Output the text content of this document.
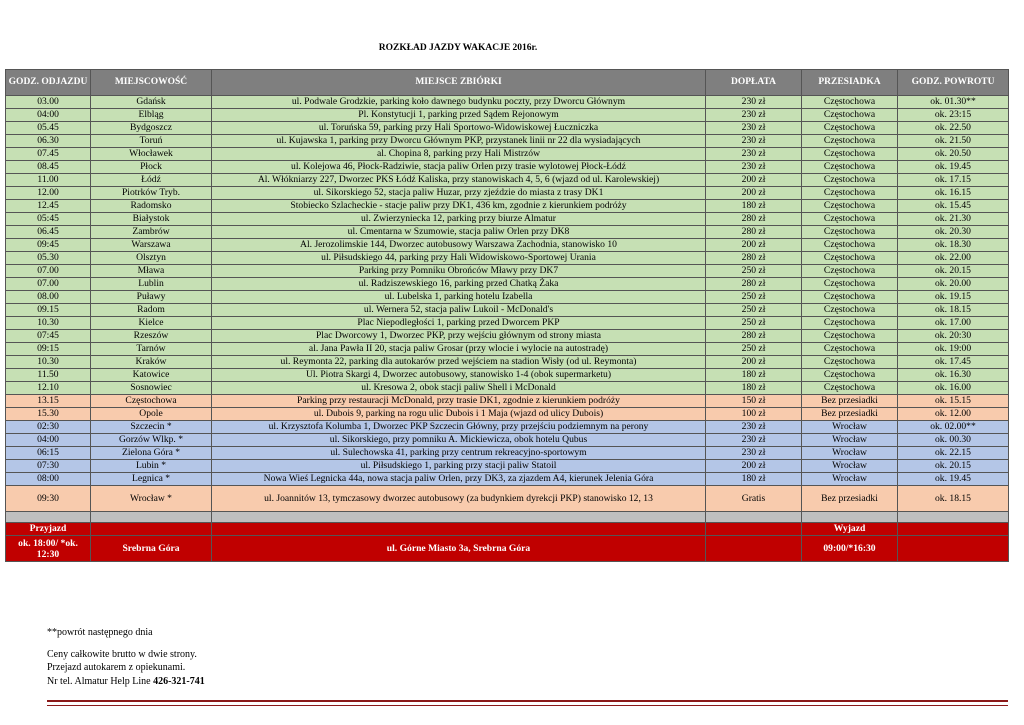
ROZKŁAD JAZDY WAKACJE 2016r.
GODZ. ODJAZDU	MIEJSCOWOŚĆ	MIEJSCE ZBIÓRKI	DOPŁATA	PRZESIADKA	GODZ. POWROTU
03.00	Gdańsk	ul. Podwale Grodzkie, parking koło dawnego budynku poczty, przy Dworcu Głównym	230 zł	Częstochowa	ok. 01.30**
04:00	Elbląg	Pl. Konstytucji 1, parking przed Sądem Rejonowym	230 zł	Częstochowa	ok. 23:15
05.45	Bydgoszcz	ul. Toruńska 59, parking przy Hali Sportowo-Widowiskowej Łuczniczka	230 zł	Częstochowa	ok. 22.50
06.30	Toruń	ul. Kujawska 1, parking przy Dworcu Głównym PKP, przystanek linii nr 22 dla wysiadających	230 zł	Częstochowa	ok. 21.50
07.45	Włocławek	al. Chopina 8, parking przy Hali Mistrzów	230 zł	Częstochowa	ok. 20.50
08.45	Płock	ul. Kolejowa 46, Płock-Radziwie, stacja paliw Orlen przy trasie wylotowej Płock-Łódź	230 zł	Częstochowa	ok. 19.45
11.00	Łódź	Al. Włókniarzy 227, Dworzec PKS Łódź Kaliska, przy stanowiskach 4, 5, 6 (wjazd od ul. Karolewskiej)	200 zł	Częstochowa	ok. 17.15
12.00	Piotrków Tryb.	ul. Sikorskiego 52, stacja paliw Huzar, przy zjeździe do miasta z trasy DK1	200 zł	Częstochowa	ok. 16.15
12.45	Radomsko	Stobiecko Szlacheckie - stacje paliw przy DK1, 436 km, zgodnie z kierunkiem podróży	180 zł	Częstochowa	ok. 15.45
05:45	Białystok	ul. Zwierzyniecka 12, parking przy biurze Almatur	280 zł	Częstochowa	ok. 21.30
06.45	Zambrów	ul. Cmentarna w Szumowie, stacja paliw Orlen przy DK8	280 zł	Częstochowa	ok. 20.30
09:45	Warszawa	Al. Jerozolimskie 144, Dworzec autobusowy Warszawa Zachodnia, stanowisko 10	200 zł	Częstochowa	ok. 18.30
05.30	Olsztyn	ul. Piłsudskiego 44, parking przy Hali Widowiskowo-Sportowej Urania	280 zł	Częstochowa	ok. 22.00
07.00	Mława	Parking przy Pomniku Obrońców Mławy przy DK7	250 zł	Częstochowa	ok. 20.15
07.00	Lublin	ul. Radziszewskiego 16, parking przed Chatką Żaka	280 zł	Częstochowa	ok. 20.00
08.00	Puławy	ul. Lubelska 1, parking hotelu Izabella	250 zł	Częstochowa	ok. 19.15
09.15	Radom	ul. Wernera 52, stacja paliw Lukoil - McDonald's	250 zł	Częstochowa	ok. 18.15
10.30	Kielce	Plac Niepodległości 1, parking przed Dworcem PKP	250 zł	Częstochowa	ok. 17.00
07:45	Rzeszów	Plac Dworcowy 1, Dworzec PKP, przy wejściu głównym od strony miasta	280 zł	Częstochowa	ok. 20:30
09:15	Tarnów	al. Jana Pawła II 20, stacja paliw Grosar (przy wlocie i wylocie na autostradę)	250 zł	Częstochowa	ok. 19:00
10.30	Kraków	ul. Reymonta 22, parking dla autokarów przed wejściem na stadion Wisły (od ul. Reymonta)	200 zł	Częstochowa	ok. 17.45
11.50	Katowice	Ul. Piotra Skargi 4, Dworzec autobusowy, stanowisko 1-4 (obok supermarketu)	180 zł	Częstochowa	ok. 16.30
12.10	Sosnowiec	ul. Kresowa 2, obok stacji paliw Shell i McDonald	180 zł	Częstochowa	ok. 16.00
13.15	Częstochowa	Parking przy restauracji McDonald, przy trasie DK1, zgodnie z kierunkiem podróży	150 zł	Bez przesiadki	ok. 15.15
15.30	Opole	ul. Dubois 9, parking na rogu ulic Dubois i 1 Maja (wjazd od ulicy Dubois)	100 zł	Bez przesiadki	ok. 12.00
02:30	Szczecin *	ul. Krzysztofa Kolumba 1, Dworzec PKP Szczecin Główny, przy przejściu podziemnym na perony	230 zł	Wrocław	ok. 02.00**
04:00	Gorzów Wlkp. *	ul. Sikorskiego, przy pomniku A. Mickiewicza, obok hotelu Qubus	230 zł	Wrocław	ok. 00.30
06:15	Zielona Góra *	ul. Sulechowska 41, parking przy centrum rekreacyjno-sportowym	230 zł	Wrocław	ok. 22.15
07:30	Lubin *	ul. Piłsudskiego 1, parking przy stacji paliw Statoil	200 zł	Wrocław	ok. 20.15
08:00	Legnica *	Nowa Wieś Legnicka 44a, nowa stacja paliw Orlen, przy DK3, za zjazdem A4, kierunek Jelenia Góra	180 zł	Wrocław	ok. 19.45
09:30	Wrocław *	ul. Joannitów 13, tymczasowy dworzec autobusowy (za budynkiem dyrekcji PKP) stanowisko 12, 13	Gratis	Bez przesiadki	ok. 18.15

Przyjazd				Wyjazd	
ok. 18:00/ *ok. 12:30	Srebrna Góra	ul. Górne Miasto 3a, Srebrna Góra		09:00/*16:30	
**powrót następnego dnia
Ceny całkowite brutto w dwie strony.
Przejazd autokarem z opiekunami.
Nr tel. Almatur Help Line 426-321-741
